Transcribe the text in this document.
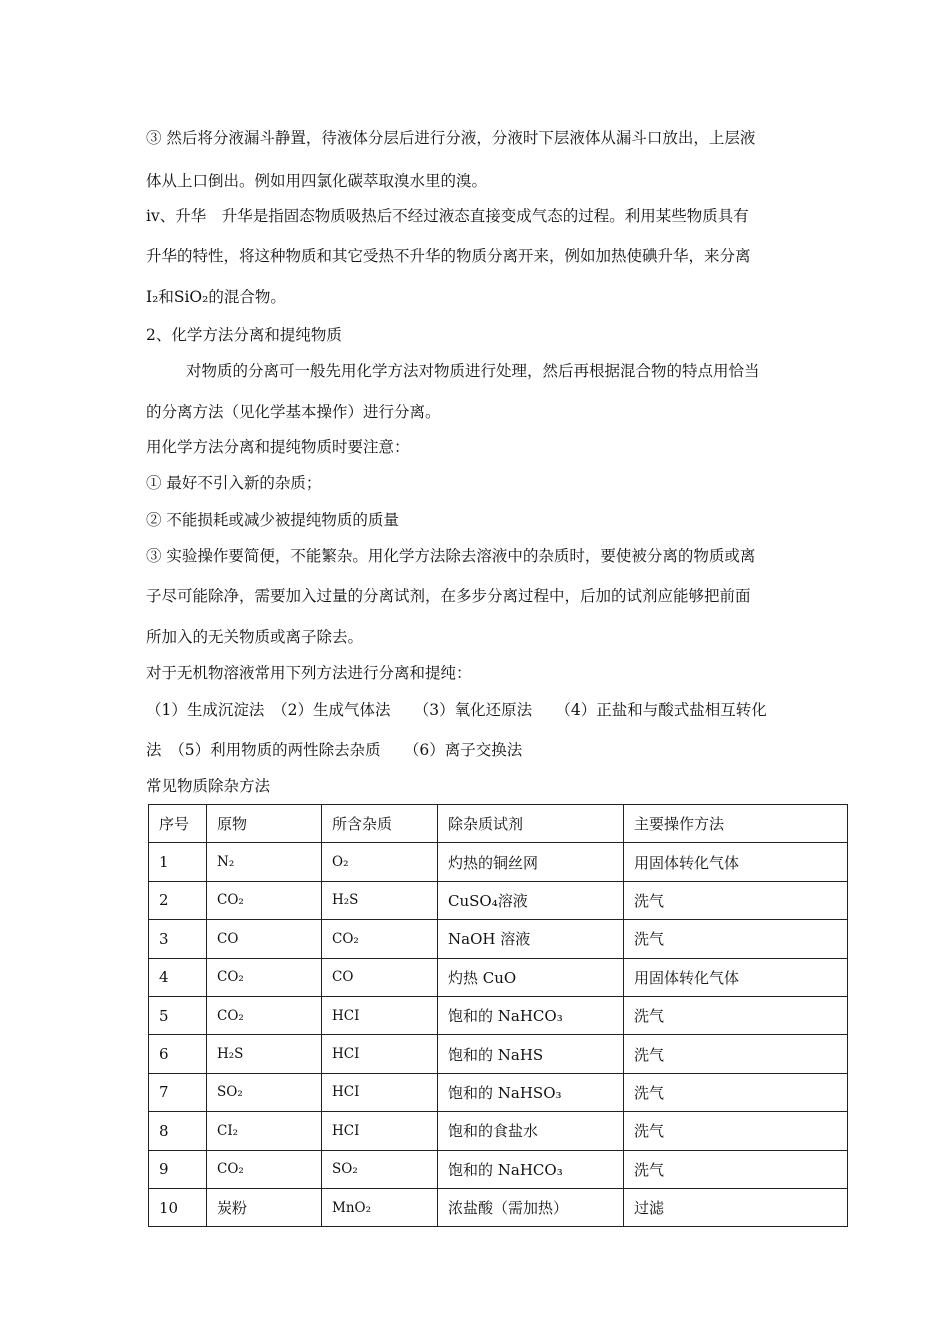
③ 然后将分液漏斗静置，待液体分层后进行分液，分液时下层液体从漏斗口放出，上层液
体从上口倒出。例如用四氯化碳萃取溴水里的溴。
ⅳ、升华　升华是指固态物质吸热后不经过液态直接变成气态的过程。利用某些物质具有
升华的特性，将这种物质和其它受热不升华的物质分离开来，例如加热使碘升华，来分离
I₂和SiO₂的混合物。
2、化学方法分离和提纯物质
对物质的分离可一般先用化学方法对物质进行处理，然后再根据混合物的特点用恰当
的分离方法（见化学基本操作）进行分离。
用化学方法分离和提纯物质时要注意：
① 最好不引入新的杂质；
② 不能损耗或减少被提纯物质的质量
③ 实验操作要简便，不能繁杂。用化学方法除去溶液中的杂质时，要使被分离的物质或离
子尽可能除净，需要加入过量的分离试剂，在多步分离过程中，后加的试剂应能够把前面
所加入的无关物质或离子除去。
对于无机物溶液常用下列方法进行分离和提纯：
（1）生成沉淀法　（2）生成气体法　　（3）氧化还原法　　（4）正盐和与酸式盐相互转化
法　（5）利用物质的两性除去杂质　　（6）离子交换法
常见物质除杂方法
序号	原物	所含杂质	除杂质试剂	主要操作方法
1	N₂	O₂	灼热的铜丝网	用固体转化气体
2	CO₂	H₂S	CuSO₄溶液	洗气
3	CO	CO₂	NaOH 溶液	洗气
4	CO₂	CO	灼热 CuO	用固体转化气体
5	CO₂	HCI	饱和的 NaHCO₃	洗气
6	H₂S	HCI	饱和的 NaHS	洗气
7	SO₂	HCI	饱和的 NaHSO₃	洗气
8	CI₂	HCI	饱和的食盐水	洗气
9	CO₂	SO₂	饱和的 NaHCO₃	洗气
10	炭粉	MnO₂	浓盐酸（需加热）	过滤
